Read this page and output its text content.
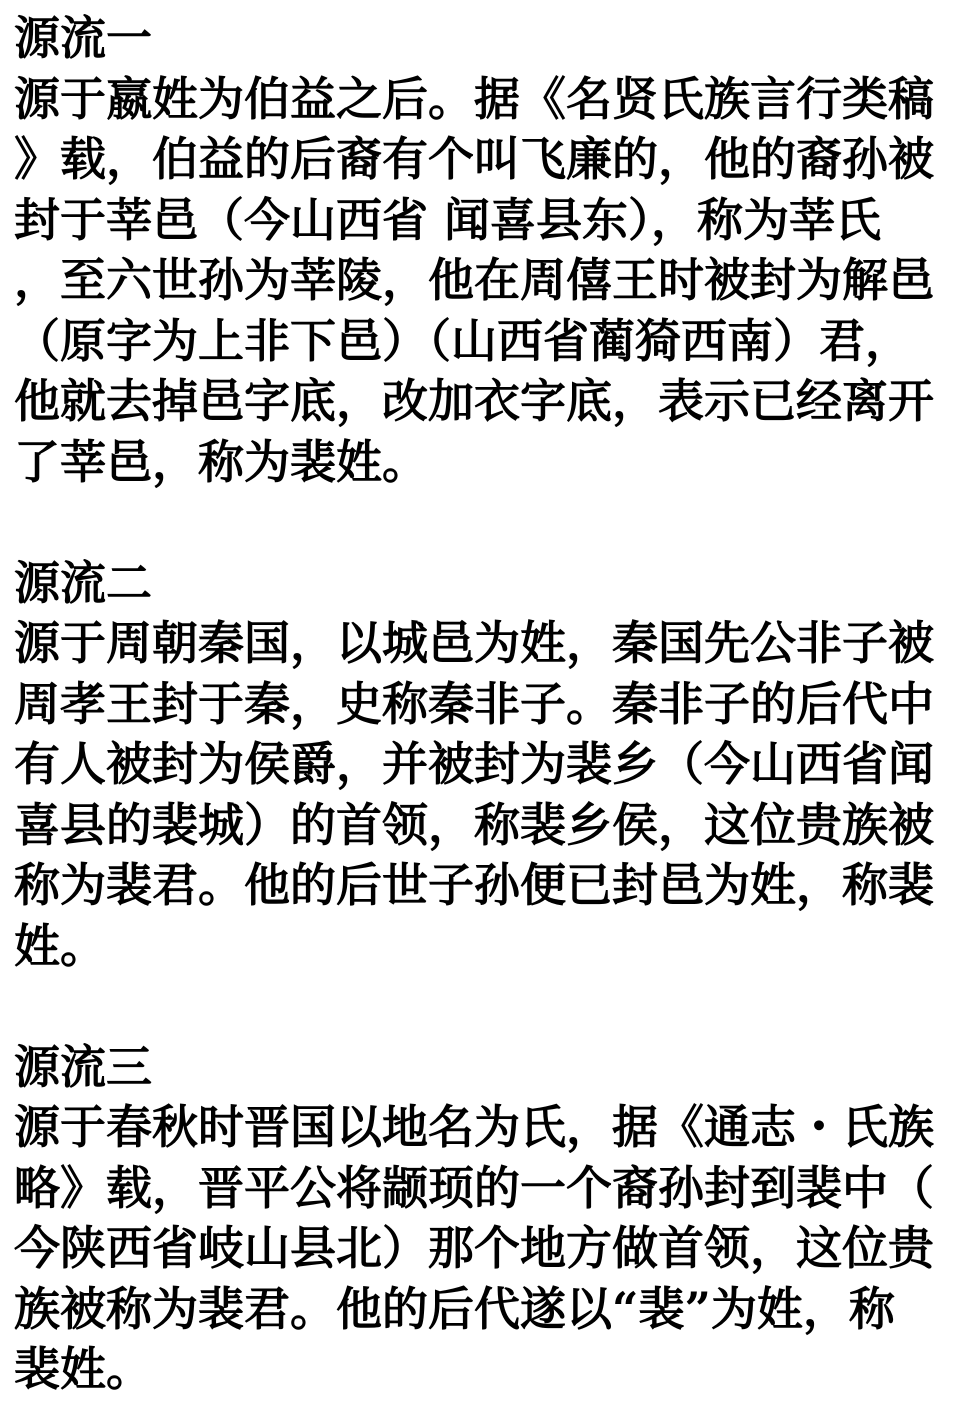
源流一
源于嬴姓为伯益之后。据《名贤氏族言行类稿
》载，伯益的后裔有个叫飞廉的，他的裔孙被
封于莘邑（今山西省 闻喜县东），称为莘氏
，至六世孙为莘陵，他在周僖王时被封为解邑
（原字为上非下邑）（山西省蔺猗西南）君，
他就去掉邑字底，改加衣字底，表示已经离开
了莘邑，称为裴姓。
源流二
源于周朝秦国，以城邑为姓，秦国先公非子被
周孝王封于秦，史称秦非子。秦非子的后代中
有人被封为侯爵，并被封为裴乡（今山西省闻
喜县的裴城）的首领，称裴乡侯，这位贵族被
称为裴君。他的后世子孙便已封邑为姓，称裴
姓。
源流三
源于春秋时晋国以地名为氏，据《通志・氏族
略》载，晋平公将颛顼的一个裔孙封到裴中（
今陕西省岐山县北）那个地方做首领，这位贵
族被称为裴君。他的后代遂以“裴”为姓，称
裴姓。
